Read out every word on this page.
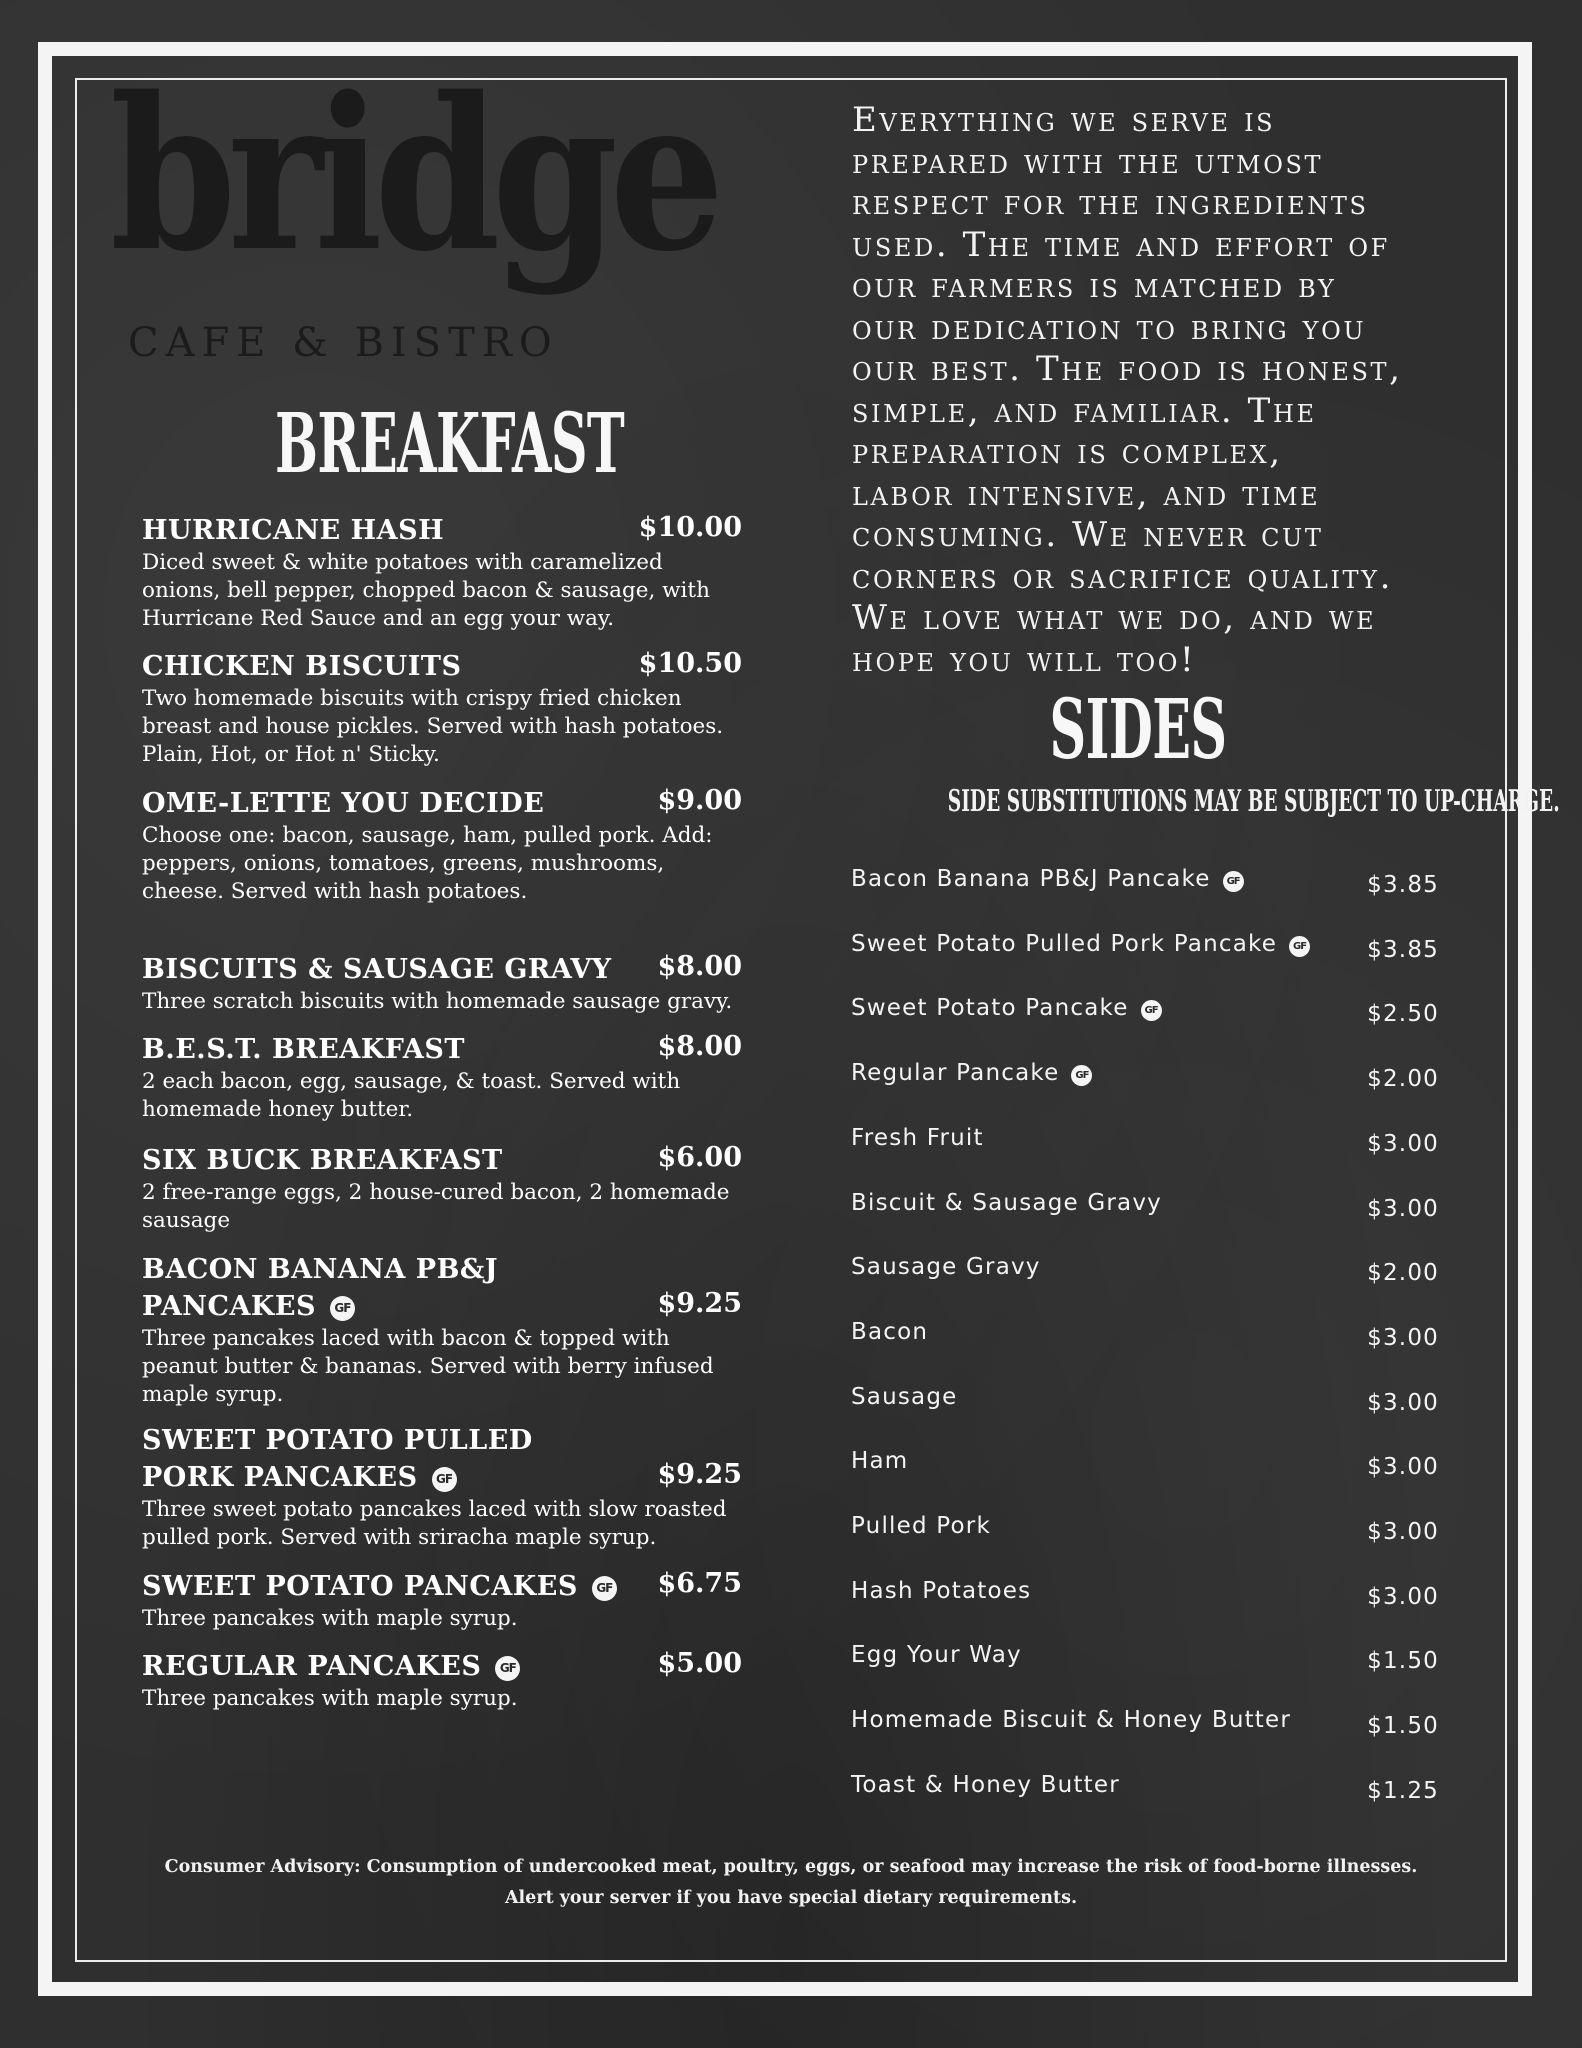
bridge
CAFE & BISTRO
BREAKFAST
HURRICANE HASH	$10.00
Diced sweet & white potatoes with caramelized onions, bell pepper, chopped bacon & sausage, with Hurricane Red Sauce and an egg your way.
CHICKEN BISCUITS	$10.50
Two homemade biscuits with crispy fried chicken breast and house pickles. Served with hash potatoes. Plain, Hot, or Hot n' Sticky.
OME-LETTE YOU DECIDE	$9.00
Choose one: bacon, sausage, ham, pulled pork. Add: peppers, onions, tomatoes, greens, mushrooms, cheese. Served with hash potatoes.
BISCUITS & SAUSAGE GRAVY	$8.00
Three scratch biscuits with homemade sausage gravy.
B.E.S.T. BREAKFAST	$8.00
2 each bacon, egg, sausage, & toast. Served with homemade honey butter.
SIX BUCK BREAKFAST	$6.00
2 free-range eggs, 2 house-cured bacon, 2 homemade sausage
BACON BANANA PB&J
PANCAKES GF	$9.25
Three pancakes laced with bacon & topped with peanut butter & bananas. Served with berry infused maple syrup.
SWEET POTATO PULLED
PORK PANCAKES GF	$9.25
Three sweet potato pancakes laced with slow roasted pulled pork. Served with sriracha maple syrup.
SWEET POTATO PANCAKES GF	$6.75
Three pancakes with maple syrup.
REGULAR PANCAKES GF	$5.00
Three pancakes with maple syrup.
Everything we serve is
prepared with the utmost
respect for the ingredients
used. The time and effort of
our farmers is matched by
our dedication to bring you
our best. The food is honest,
simple, and familiar. The
preparation is complex,
labor intensive, and time
consuming. We never cut
corners or sacrifice quality.
We love what we do, and we
hope you will too!
SIDES
SIDE SUBSTITUTIONS MAY BE SUBJECT TO UP-CHARGE.
Bacon Banana PB&J Pancake GF	$3.85
Sweet Potato Pulled Pork Pancake GF	$3.85
Sweet Potato Pancake GF	$2.50
Regular Pancake GF	$2.00
Fresh Fruit	$3.00
Biscuit & Sausage Gravy	$3.00
Sausage Gravy	$2.00
Bacon	$3.00
Sausage	$3.00
Ham	$3.00
Pulled Pork	$3.00
Hash Potatoes	$3.00
Egg Your Way	$1.50
Homemade Biscuit & Honey Butter	$1.50
Toast & Honey Butter	$1.25
Consumer Advisory: Consumption of undercooked meat, poultry, eggs, or seafood may increase the risk of food-borne illnesses.
Alert your server if you have special dietary requirements.
